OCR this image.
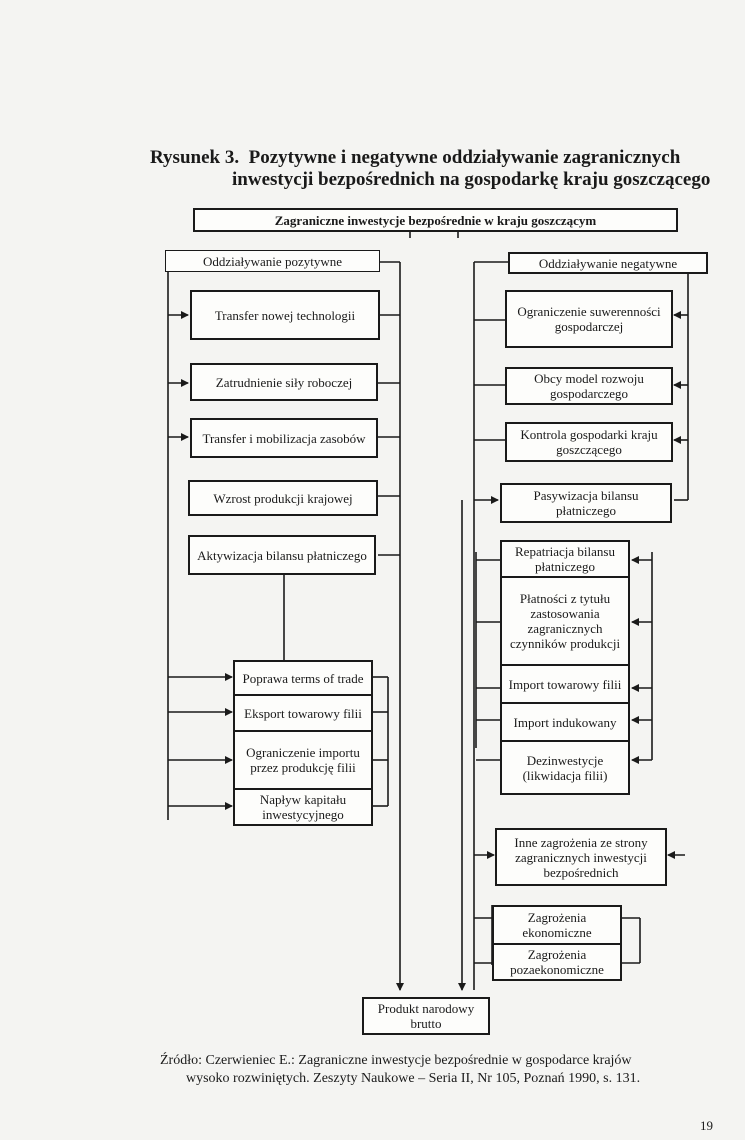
Rysunek 3. Pozytywne i negatywne oddziaływanie zagranicznych
inwestycji bezpośrednich na gospodarkę kraju goszczącego
Zagraniczne inwestycje bezpośrednie w kraju goszczącym
Oddziaływanie pozytywne	Oddziaływanie negatywne
Transfer nowej technologii
Zatrudnienie siły roboczej
Transfer i mobilizacja zasobów
Wzrost produkcji krajowej
Aktywizacja bilansu płatniczego
Poprawa terms of trade
Eksport towarowy filii
Ograniczenie importu przez produkcję filii
Napływ kapitału inwestycyjnego
Ograniczenie suwerenności gospodarczej
Obcy model rozwoju gospodarczego
Kontrola gospodarki kraju goszczącego
Pasywizacja bilansu płatniczego
Repatriacja bilansu płatniczego
Płatności z tytułu zastosowania zagranicznych czynników produkcji
Import towarowy filii
Import indukowany
Dezinwestycje (likwidacja filii)
Inne zagrożenia ze strony zagranicznych inwestycji bezpośrednich
Zagrożenia ekonomiczne
Zagrożenia pozaekonomiczne
Produkt narodowy brutto
Źródło: Czerwieniec E.: Zagraniczne inwestycje bezpośrednie w gospodarce krajów
wysoko rozwiniętych. Zeszyty Naukowe – Seria II, Nr 105, Poznań 1990, s. 131.
19
